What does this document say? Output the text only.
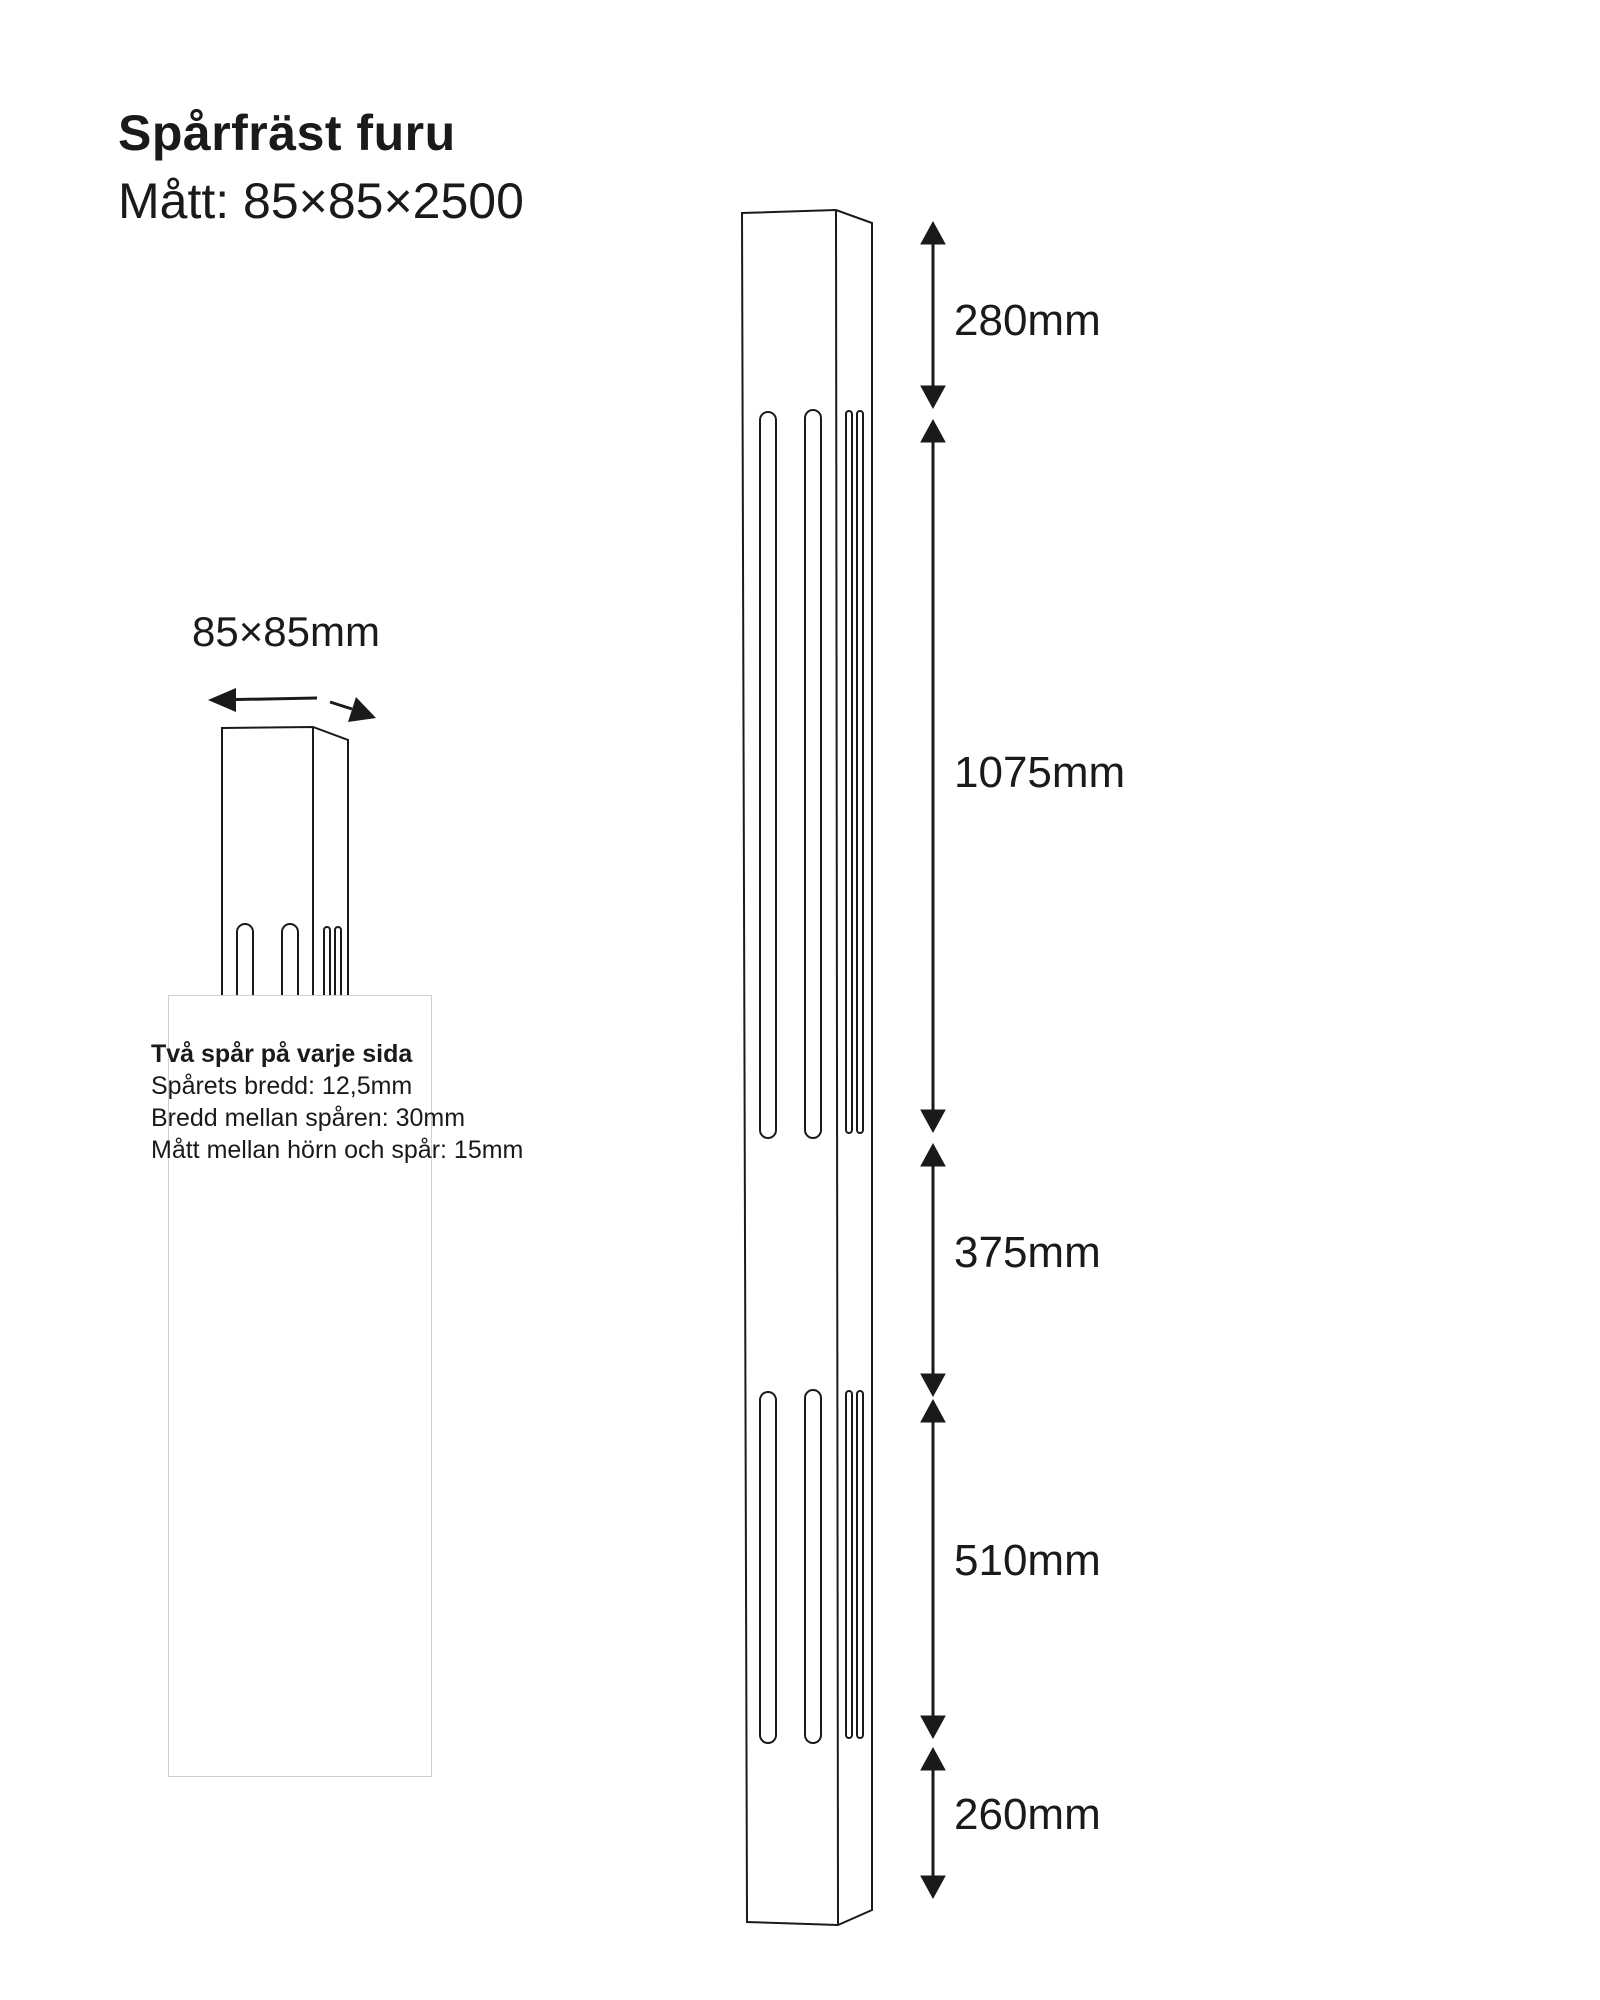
Spårfräst furu
Mått: 85×85×2500
85×85mm
Två spår på varje sida
Spårets bredd: 12,5mm
Bredd mellan spåren: 30mm
Mått mellan hörn och spår: 15mm
280mm
1075mm
375mm
510mm
260mm
